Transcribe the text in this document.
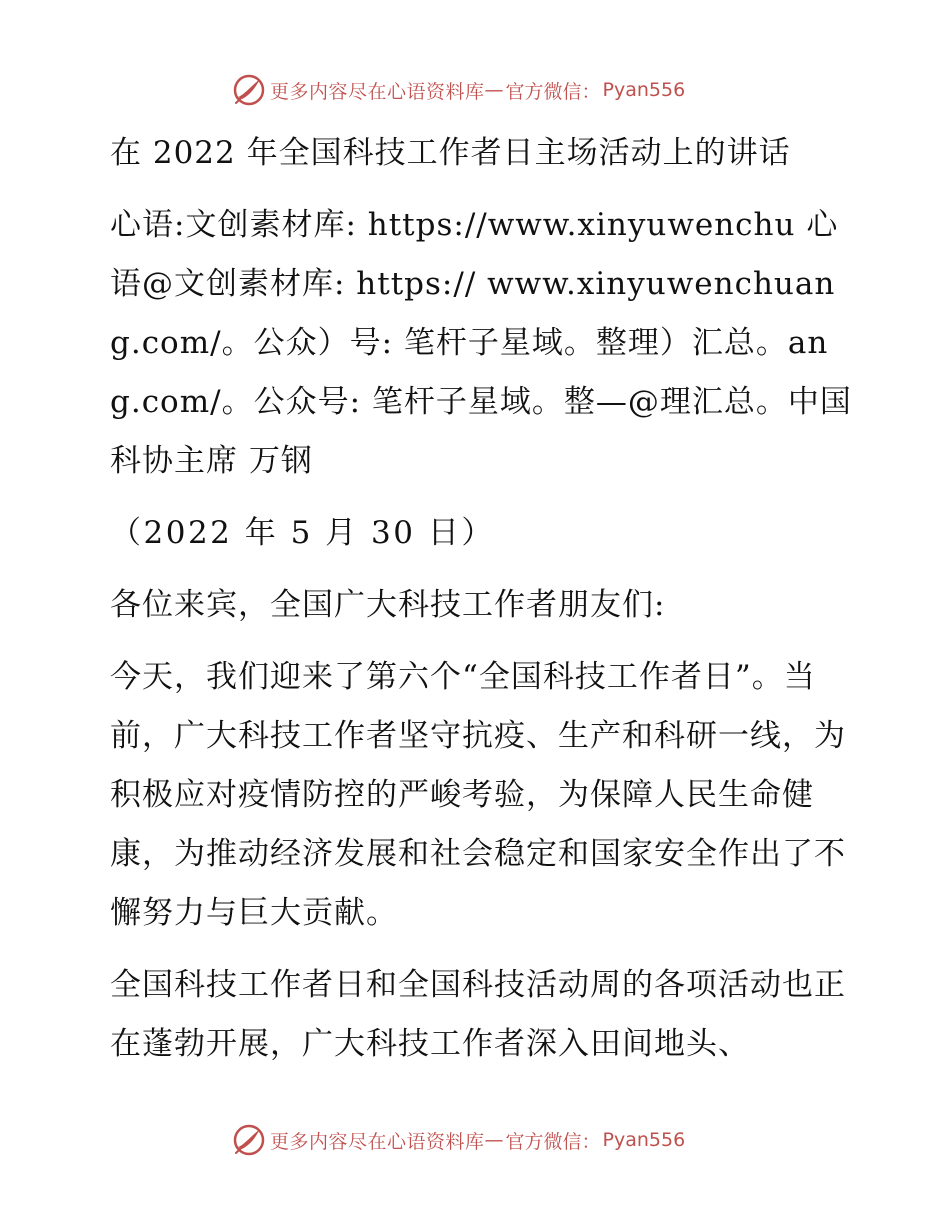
更多内容尽在心语资料库 — 官方微信： Pyan556
在 2022 年全国科技工作者日主场活动上的讲话
心语:文创素材库: https://www.xinyuwenchu 心语@文创素材库: https:// www.xinyuwenchuang.com/。公众）号: 笔杆子星域。整理）汇总。ang.com/。公众号: 笔杆子星域。整—@理汇总。中国科协主席 万钢
（2022 年 5 月 30 日）
各位来宾，全国广大科技工作者朋友们:
今天，我们迎来了第六个“全国科技工作者日”。当前，广大科技工作者坚守抗疫、生产和科研一线，为积极应对疫情防控的严峻考验，为保障人民生命健康，为推动经济发展和社会稳定和国家安全作出了不懈努力与巨大贡献。
全国科技工作者日和全国科技活动周的各项活动也正在蓬勃开展，广大科技工作者深入田间地头、
更多内容尽在心语资料库 — 官方微信： Pyan556
